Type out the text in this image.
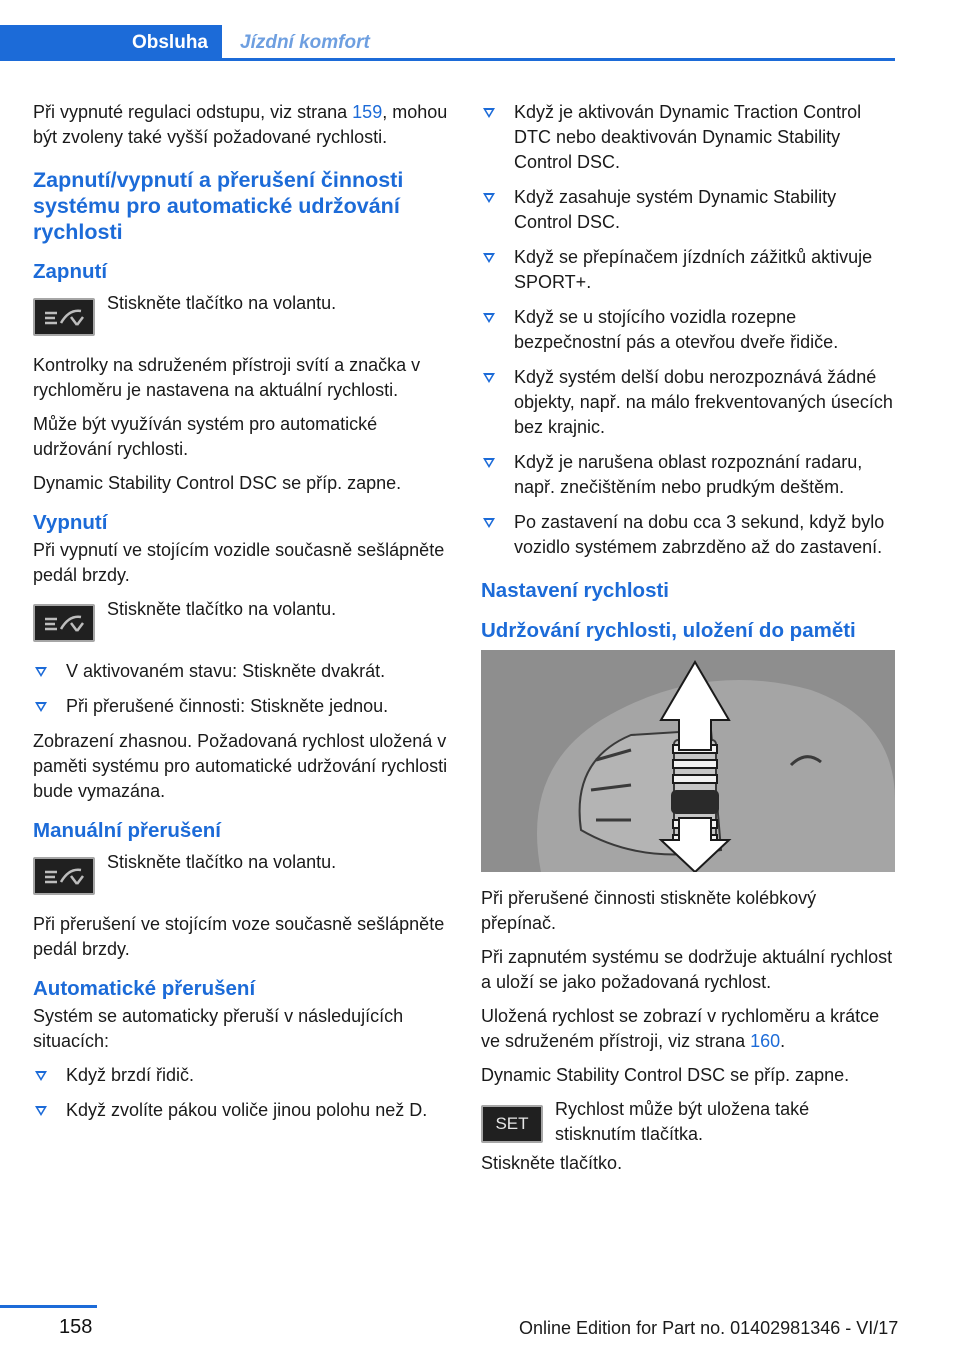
Obsluha	Jízdní komfort

Při vypnuté regulaci odstupu, viz strana 159, mohou být zvoleny také vyšší požadované rychlosti.

Zapnutí/vypnutí a přerušení činnosti systému pro automatické udržování rychlosti
Zapnutí
Stiskněte tlačítko na volantu.

Kontrolky na sdruženém přístroji svítí a značka v rychloměru je nastavena na aktuální rychlosti.

Může být využíván systém pro automatické udržování rychlosti.

Dynamic Stability Control DSC se příp. zapne.

Vypnutí

Při vypnutí ve stojícím vozidle současně sešlápněte pedál brzdy.

Stiskněte tlačítko na volantu.
V aktivovaném stavu: Stiskněte dvakrát.
Při přerušené činnosti: Stiskněte jednou.

Zobrazení zhasnou. Požadovaná rychlost uložená v paměti systému pro automatické udržování rychlosti bude vymazána.

Manuální přerušení
Stiskněte tlačítko na volantu.

Při přerušení ve stojícím voze současně sešlápněte pedál brzdy.

Automatické přerušení

Systém se automaticky přeruší v následujících situacích:

Když brzdí řidič.
Když zvolíte pákou voliče jinou polohu než D.
Když je aktivován Dynamic Traction Control DTC nebo deaktivován Dynamic Stability Control DSC.
Když zasahuje systém Dynamic Stability Control DSC.
Když se přepínačem jízdních zážitků aktivuje SPORT+.
Když se u stojícího vozidla rozepne bezpečnostní pás a otevřou dveře řidiče.
Když systém delší dobu nerozpoznává žádné objekty, např. na málo frekventovaných úsecích bez krajnic.
Když je narušena oblast rozpoznání radaru, např. znečištěním nebo prudkým deštěm.
Po zastavení na dobu cca 3 sekund, když bylo vozidlo systémem zabrzděno až do zastavení.
Nastavení rychlosti
Udržování rychlosti, uložení do paměti

Při přerušené činnosti stiskněte kolébkový přepínač.

Při zapnutém systému se dodržuje aktuální rychlost a uloží se jako požadovaná rychlost.

Uložená rychlost se zobrazí v rychloměru a krátce ve sdruženém přístroji, viz strana 160.

Dynamic Stability Control DSC se příp. zapne.

SET
Rychlost může být uložena také stisknutím tlačítka.

Stiskněte tlačítko.

158	Online Edition for Part no. 01402981346 - VI/17
